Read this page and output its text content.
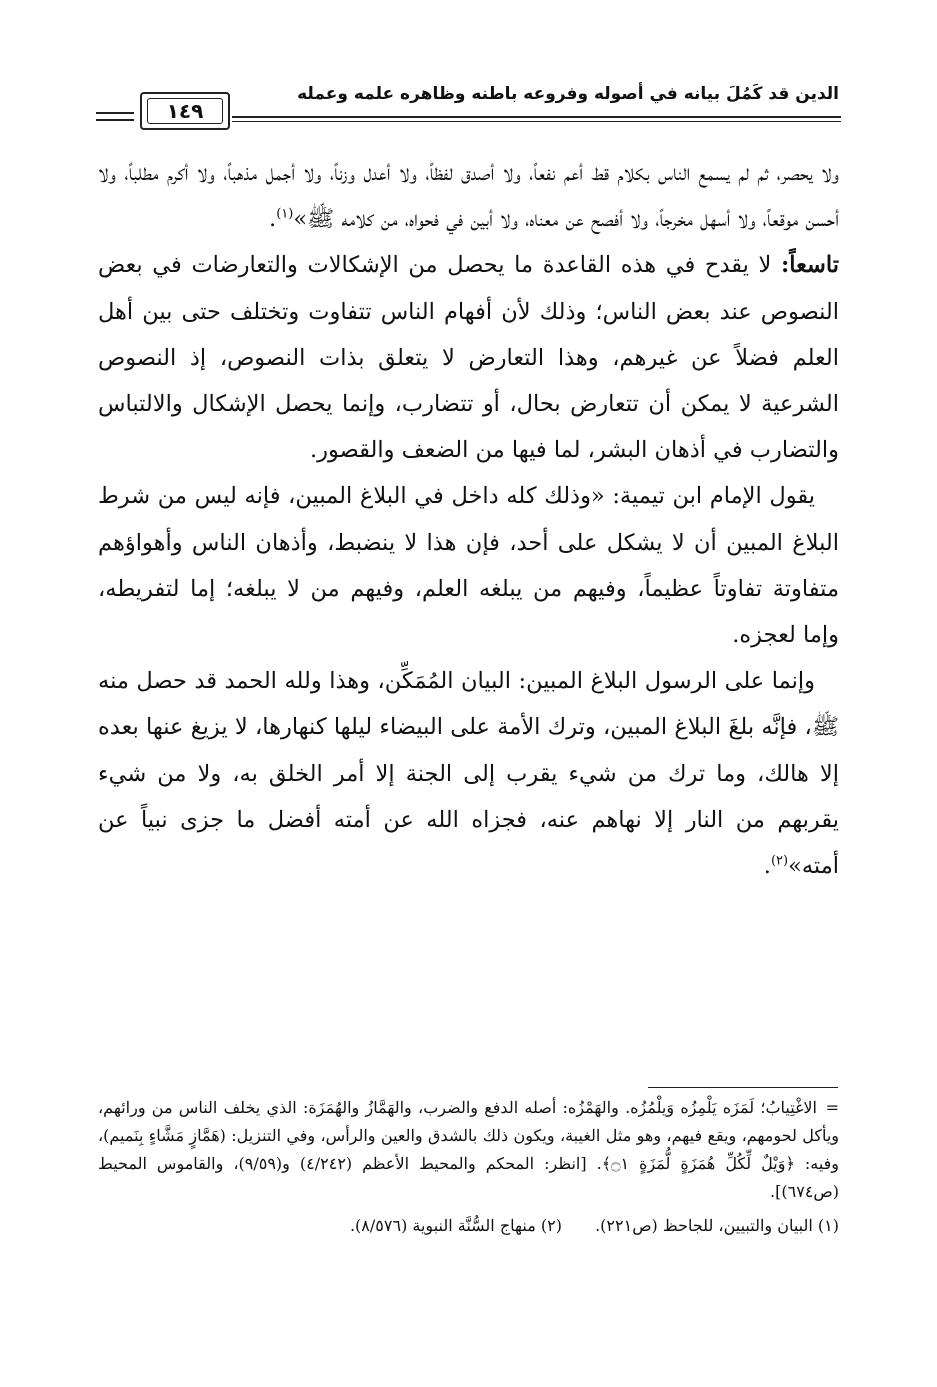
الدين قد كَمُلَ بيانه في أصوله وفروعه باطنه وظاهره علمه وعمله
١٤٩

ولا يحصر، ثم لم يسمع الناس بكلام قط أعم نفعاً، ولا أصدق لفظاً، ولا أعدل وزناً، ولا أجمل مذهباً، ولا أكرم مطلباً، ولا أحسن موقعاً، ولا أسهل مخرجاً، ولا أفصح عن معناه، ولا أبين في فحواه، من كلامه ﷺ»$^{(١)}$.

تاسعاً: لا يقدح في هذه القاعدة ما يحصل من الإشكالات والتعارضات في بعض النصوص عند بعض الناس؛ وذلك لأن أفهام الناس تتفاوت وتختلف حتى بين أهل العلم فضلاً عن غيرهم، وهذا التعارض لا يتعلق بذات النصوص، إذ النصوص الشرعية لا يمكن أن تتعارض بحال، أو تتضارب، وإنما يحصل الإشكال والالتباس والتضارب في أذهان البشر، لما فيها من الضعف والقصور.

يقول الإمام ابن تيمية: «وذلك كله داخل في البلاغ المبين، فإنه ليس من شرط البلاغ المبين أن لا يشكل على أحد، فإن هذا لا ينضبط، وأذهان الناس وأهواؤهم متفاوتة تفاوتاً عظيماً، وفيهم من يبلغه العلم، وفيهم من لا يبلغه؛ إما لتفريطه، وإما لعجزه.

وإنما على الرسول البلاغ المبين: البيان المُمَكِّن، وهذا ولله الحمد قد حصل منه ﷺ، فإنَّه بلغَ البلاغ المبين، وترك الأمة على البيضاء ليلها كنهارها، لا يزيغ عنها بعده إلا هالك، وما ترك من شيء يقرب إلى الجنة إلا أمر الخلق به، ولا من شيء يقربهم من النار إلا نهاهم عنه، فجزاه الله عن أمته أفضل ما جزى نبياً عن أمته»$^{(٢)}$.

=الاغْتِيابُ؛ لَمَزَه يَلْمِزُه وَيلْمُزُه. والهَمْزُه: أصله الدفع والضرب، والهَمَّازُ والهُمَزَة: الذي يخلف الناس من ورائهم، ويأكل لحومهم، ويقع فيهم، وهو مثل الغيبة، ويكون ذلك بالشدق والعين والرأس، وفي التنزيل: (هَمَّازٍ مَشَّاءٍ بِنَميم)، وفيه: ﴿وَيْلٌ لِّكُلِّ هُمَزَةٍ لُّمَزَةٍ ۝١﴾. [انظر: المحكم والمحيط الأعظم (٤/٢٤٢) و(٩/٥٩)، والقاموس المحيط (ص٦٧٤)].

(١) البيان والتبيين، للجاحظ (ص٢٢١). (٢) منهاج السُّنَّة النبوية (٨/٥٧٦).
